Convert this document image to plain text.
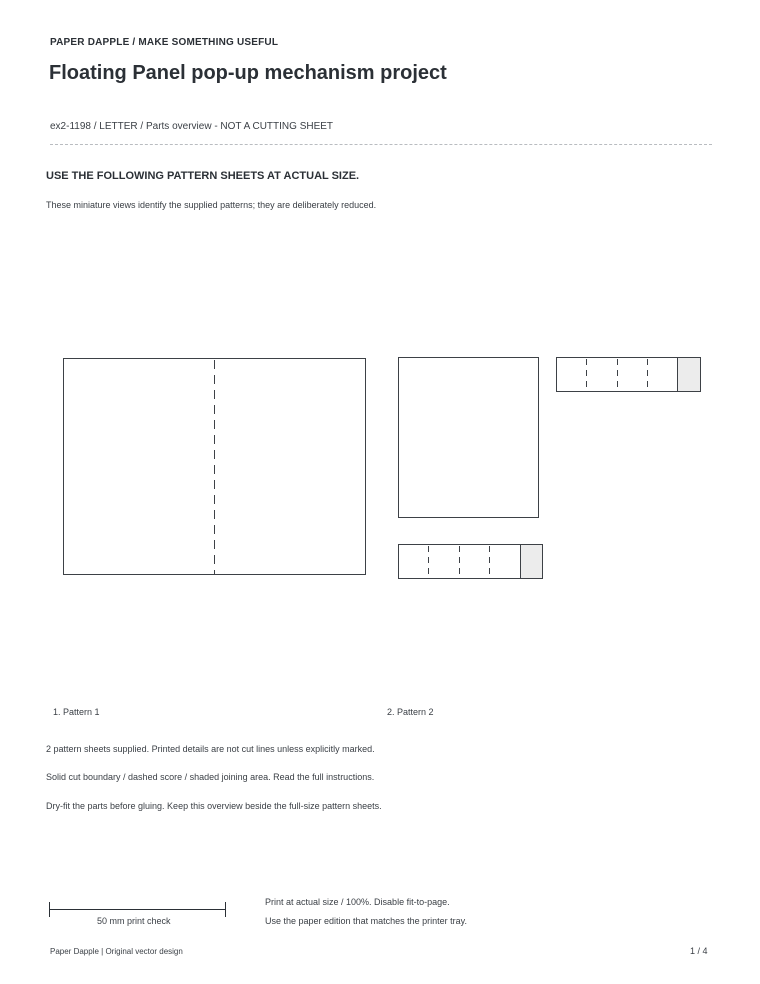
PAPER DAPPLE / MAKE SOMETHING USEFUL
Floating Panel pop-up mechanism project
ex2-1198 / LETTER / Parts overview - NOT A CUTTING SHEET
USE THE FOLLOWING PATTERN SHEETS AT ACTUAL SIZE.
These miniature views identify the supplied patterns; they are deliberately reduced.
1. Pattern 1	2. Pattern 2
2 pattern sheets supplied. Printed details are not cut lines unless explicitly marked.
Solid cut boundary / dashed score / shaded joining area. Read the full instructions.
Dry-fit the parts before gluing. Keep this overview beside the full-size pattern sheets.
50 mm print check
Print at actual size / 100%. Disable fit-to-page.
Use the paper edition that matches the printer tray.
Paper Dapple | Original vector design	1 / 4
